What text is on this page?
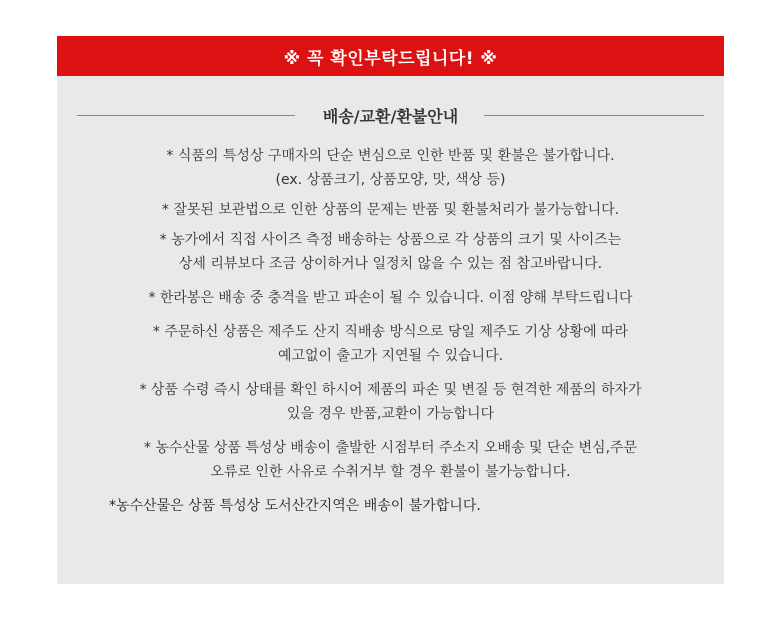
※ 꼭 확인부탁드립니다! ※
배송/교환/환불안내
* 식품의 특성상 구매자의 단순 변심으로 인한 반품 및 환불은 불가합니다.
(ex. 상품크기, 상품모양, 맛, 색상 등)
* 잘못된 보관법으로 인한 상품의 문제는 반품 및 환불처리가 불가능합니다.
* 농가에서 직접 사이즈 측정 배송하는 상품으로 각 상품의 크기 및 사이즈는
상세 리뷰보다 조금 상이하거나 일정치 않을 수 있는 점 참고바랍니다.
* 한라봉은 배송 중 충격을 받고 파손이 될 수 있습니다. 이점 양해 부탁드립니다
* 주문하신 상품은 제주도 산지 직배송 방식으로 당일 제주도 기상 상황에 따라
예고없이 출고가 지연될 수 있습니다.
* 상품 수령 즉시 상태를 확인 하시어 제품의 파손 및 변질 등 현격한 제품의 하자가
있을 경우 반품,교환이 가능합니다
* 농수산물 상품 특성상 배송이 출발한 시점부터 주소지 오배송 및 단순 변심,주문
오류로 인한 사유로 수취거부 할 경우 환불이 불가능합니다.
*농수산물은 상품 특성상 도서산간지역은 배송이 불가합니다.
